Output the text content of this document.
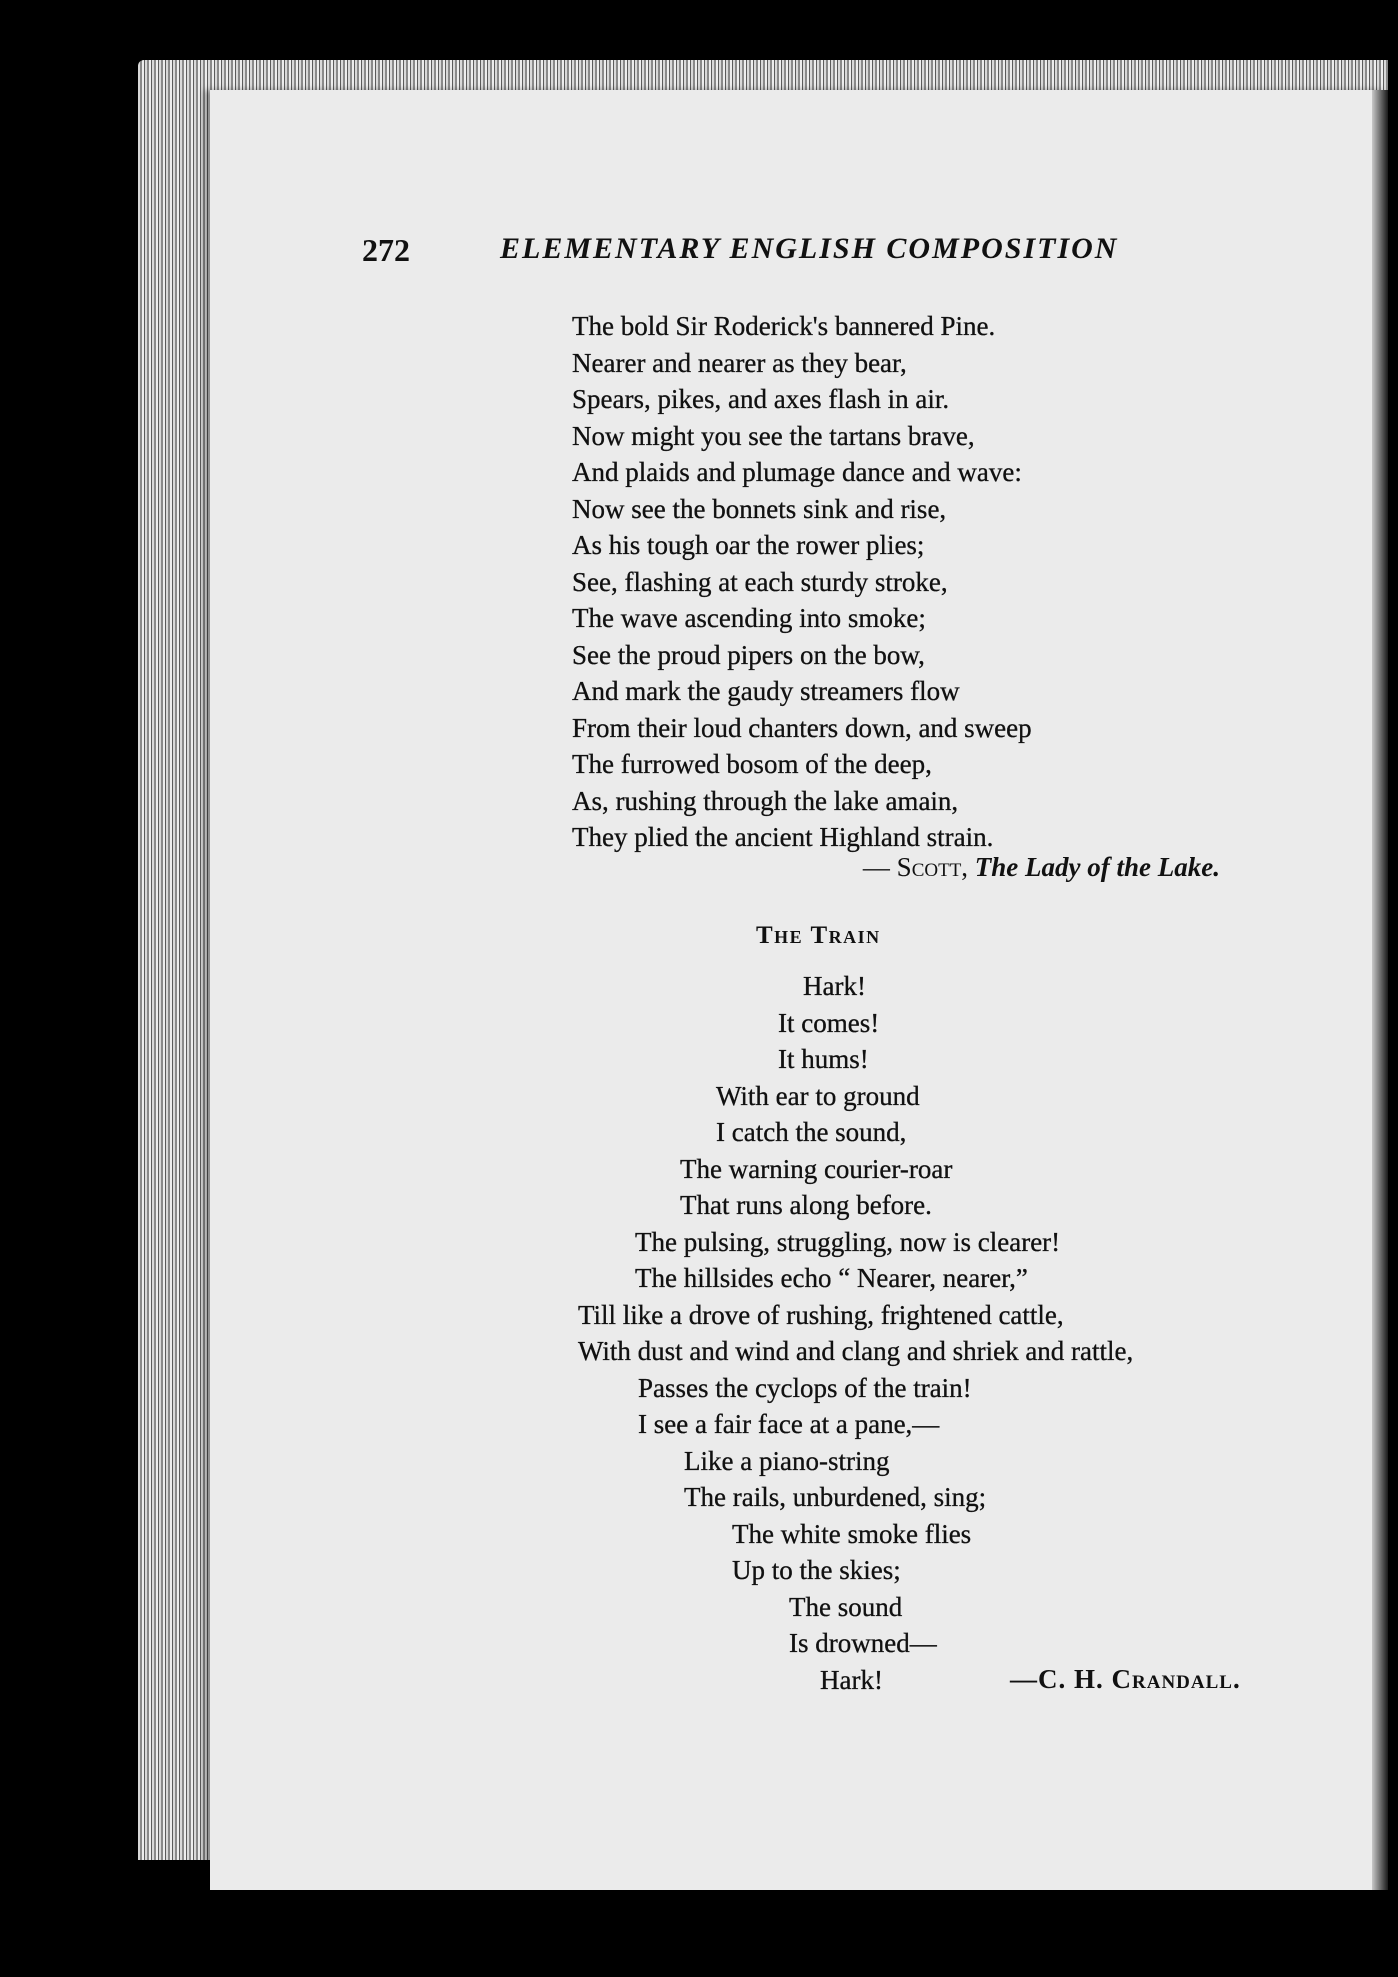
272	ELEMENTARY ENGLISH COMPOSITION
The bold Sir Roderick's bannered Pine.
Nearer and nearer as they bear,
Spears, pikes, and axes flash in air.
Now might you see the tartans brave,
And plaids and plumage dance and wave:
Now see the bonnets sink and rise,
As his tough oar the rower plies;
See, flashing at each sturdy stroke,
The wave ascending into smoke;
See the proud pipers on the bow,
And mark the gaudy streamers flow
From their loud chanters down, and sweep
The furrowed bosom of the deep,
As, rushing through the lake amain,
They plied the ancient Highland strain.
— Scott, The Lady of the Lake.
The Train
Hark!
It comes!
It hums!
With ear to ground
I catch the sound,
The warning courier-roar
That runs along before.
The pulsing, struggling, now is clearer!
The hillsides echo “ Nearer, nearer,”
Till like a drove of rushing, frightened cattle,
With dust and wind and clang and shriek and rattle,
Passes the cyclops of the train!
I see a fair face at a pane,—
Like a piano-string
The rails, unburdened, sing;
The white smoke flies
Up to the skies;
The sound
Is drowned—
Hark!	—C. H. Crandall.
